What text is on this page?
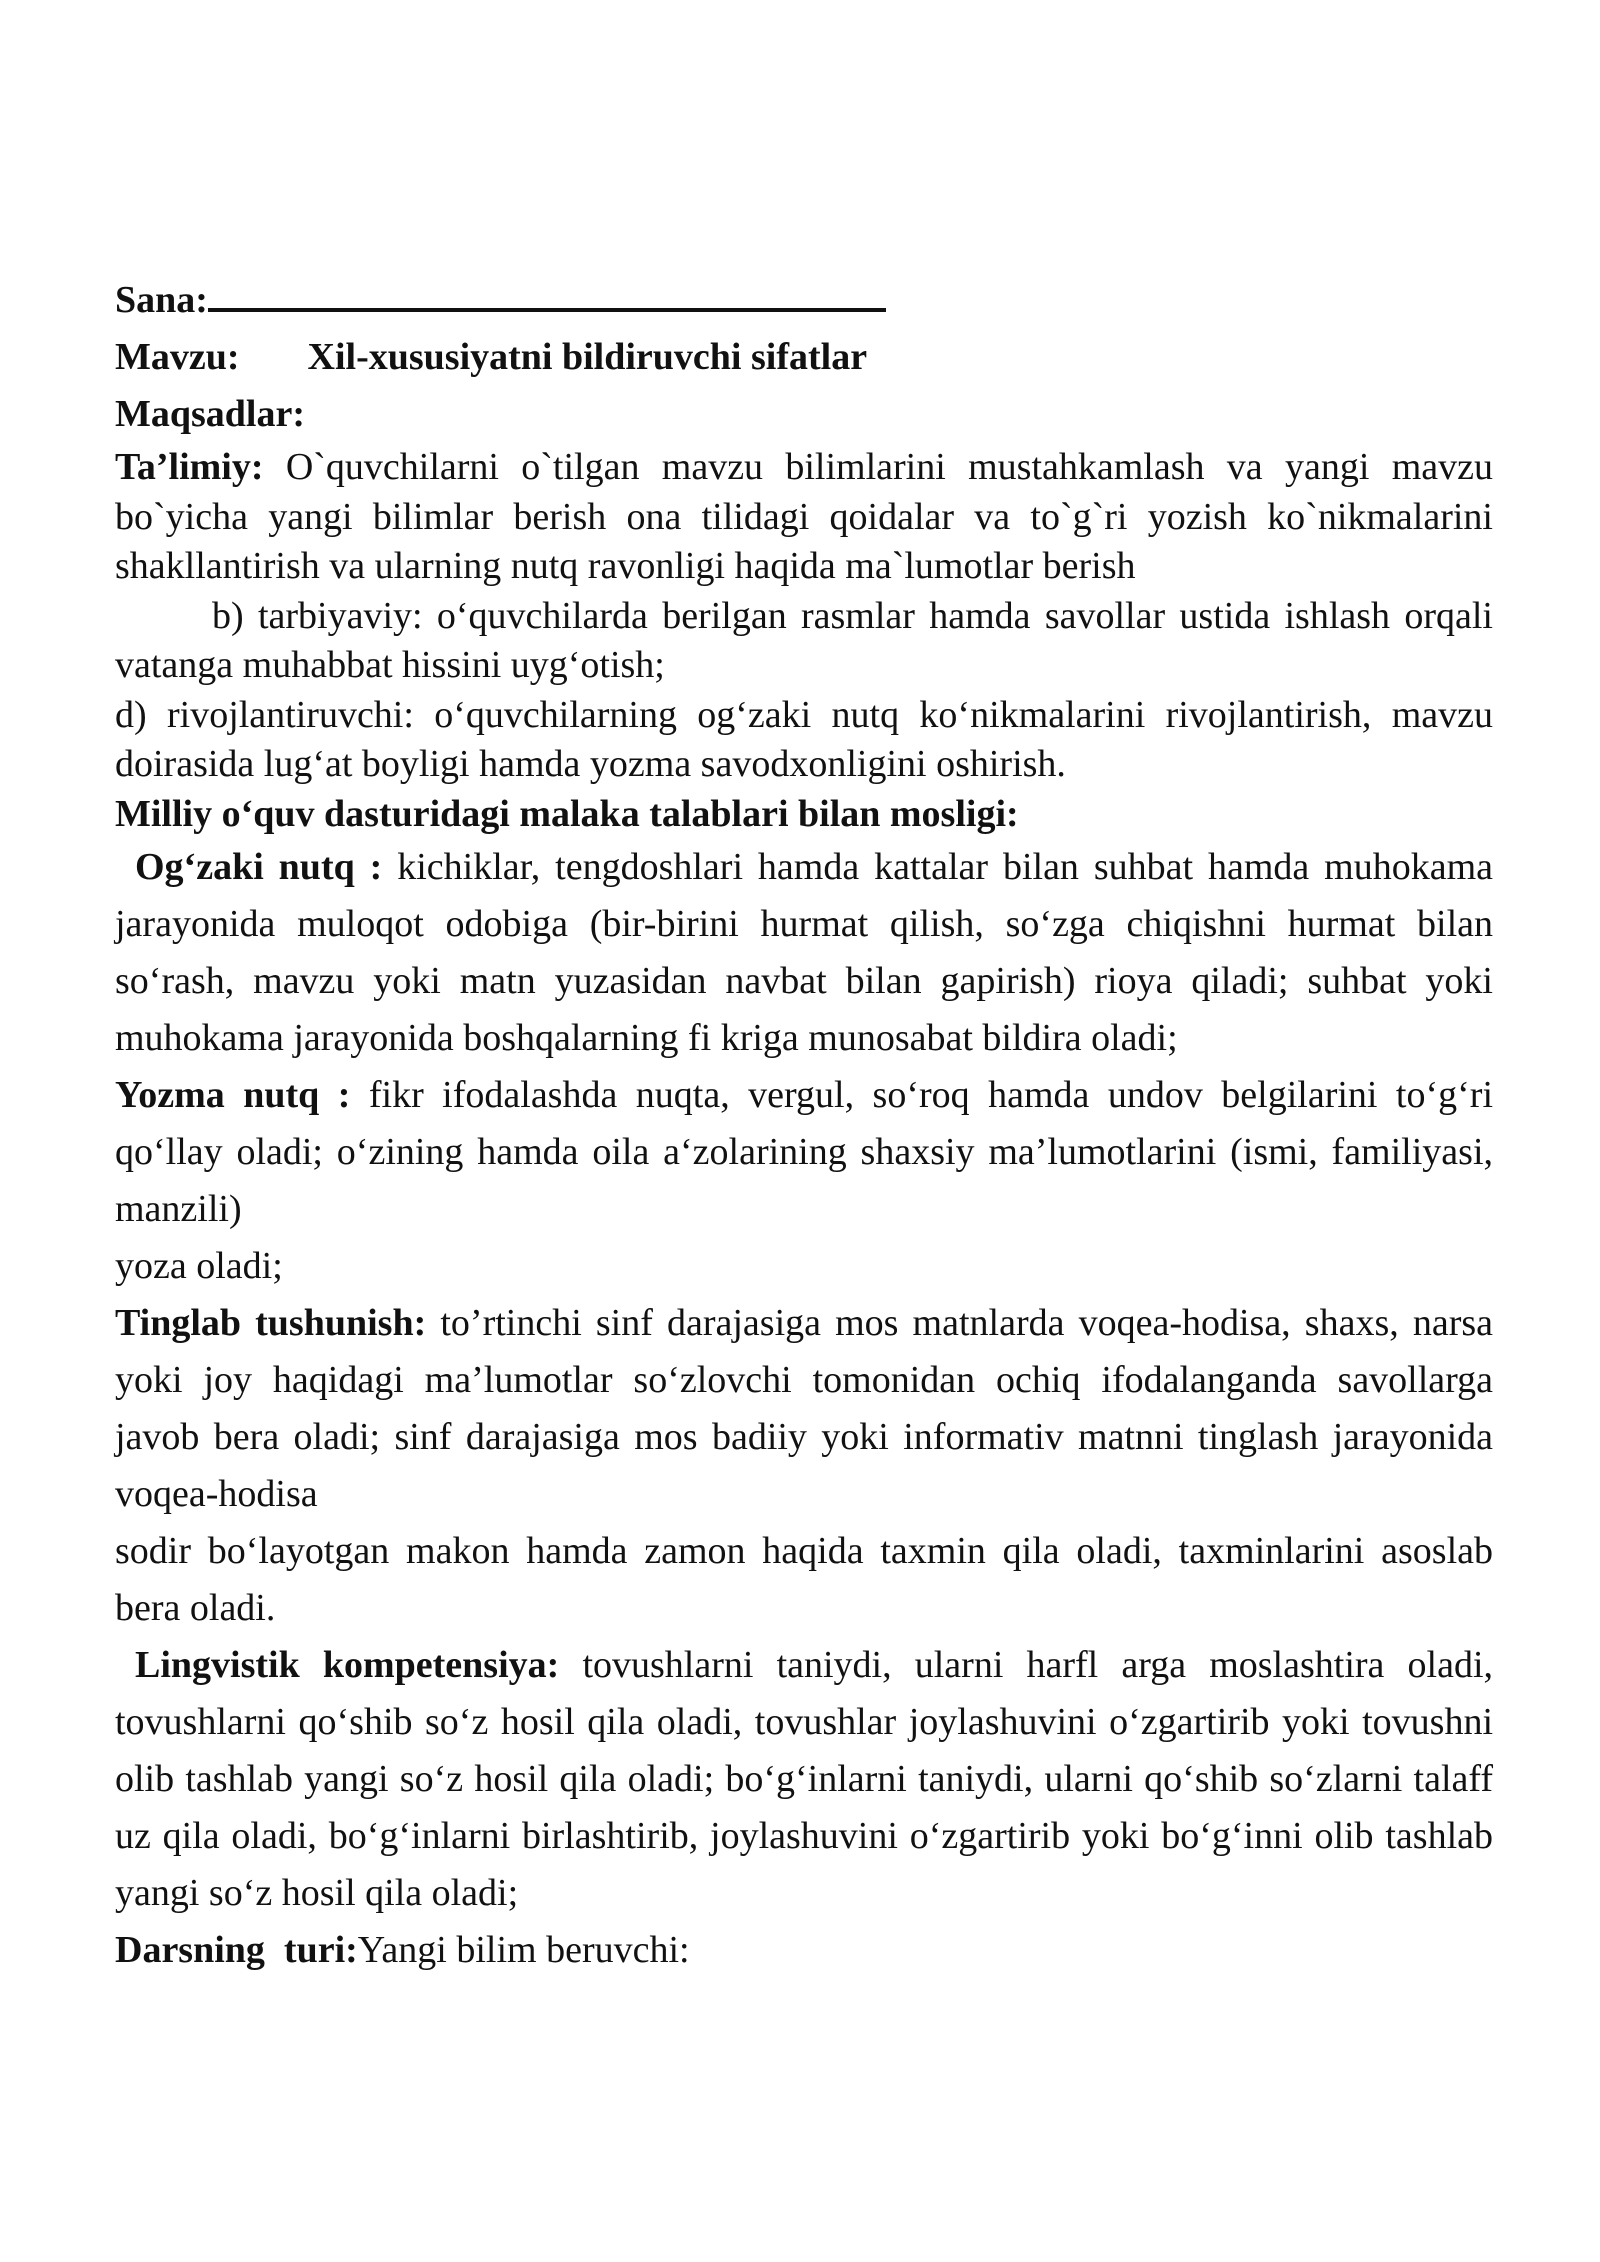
Sana:

Mavzu: Xil-xususiyatni bildiruvchi sifatlar

Maqsadlar:

Ta’limiy: O`quvchilarni o`tilgan mavzu bilimlarini mustahkamlash va yangi mavzu bo`yicha yangi bilimlar berish ona tilidagi qoidalar va to`g`ri yozish ko`nikmalarini shakllantirish va ularning nutq ravonligi haqida ma`lumotlar berish

b) tarbiyaviy: o‘quvchilarda berilgan rasmlar hamda savollar ustida ishlash orqali vatanga muhabbat hissini uyg‘otish;

d) rivojlantiruvchi: o‘quvchilarning og‘zaki nutq ko‘nikmalarini rivojlantirish, mavzu doirasida lug‘at boyligi hamda yozma savodxonligini oshirish.

Milliy o‘quv dasturidagi malaka talablari bilan mosligi:

Og‘zaki nutq : kichiklar, tengdoshlari hamda kattalar bilan suhbat hamda muhokama jarayonida muloqot odobiga (bir-birini hurmat qilish, so‘zga chiqishni hurmat bilan so‘rash, mavzu yoki matn yuzasidan navbat bilan gapirish) rioya qiladi; suhbat yoki muhokama jarayonida boshqalarning fi kriga munosabat bildira oladi;

Yozma nutq : fikr ifodalashda nuqta, vergul, so‘roq hamda undov belgilarini to‘g‘ri qo‘llay oladi; o‘zining hamda oila a‘zolarining shaxsiy ma’lumotlarini (ismi, familiyasi, manzili)

yoza oladi;

Tinglab tushunish: to’rtinchi sinf darajasiga mos matnlarda voqea-hodisa, shaxs, narsa yoki joy haqidagi ma’lumotlar so‘zlovchi tomonidan ochiq ifodalanganda savollarga javob bera oladi; sinf darajasiga mos badiiy yoki informativ matnni tinglash jarayonida voqea-hodisa

sodir bo‘layotgan makon hamda zamon haqida taxmin qila oladi, taxminlarini asoslab bera oladi.

Lingvistik kompetensiya: tovushlarni taniydi, ularni harfl arga moslashtira oladi, tovushlarni qo‘shib so‘z hosil qila oladi, tovushlar joylashuvini o‘zgartirib yoki tovushni olib tashlab yangi so‘z hosil qila oladi; bo‘g‘inlarni taniydi, ularni qo‘shib so‘zlarni talaff uz qila oladi, bo‘g‘inlarni birlashtirib, joylashuvini o‘zgartirib yoki bo‘g‘inni olib tashlab yangi so‘z hosil qila oladi;

Darsning  turi:Yangi bilim beruvchi:
